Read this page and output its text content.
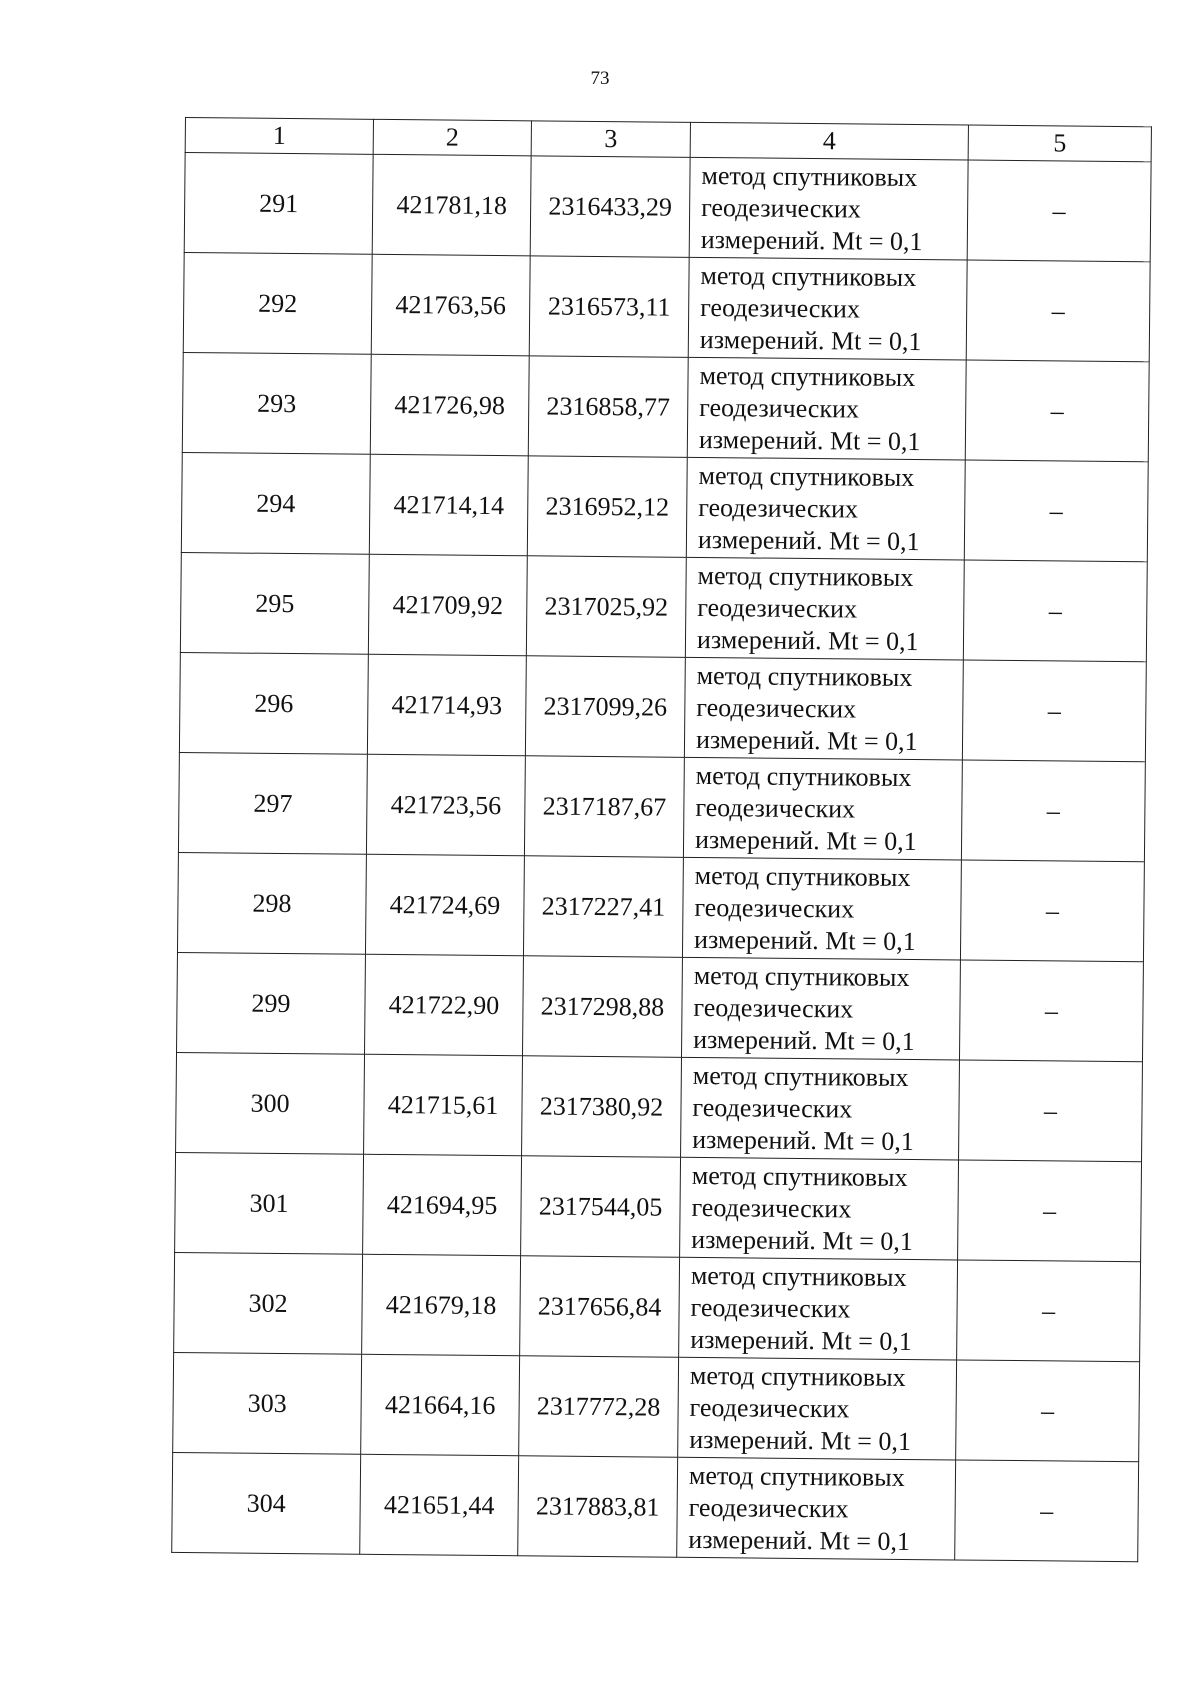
73
1	2	3	4	5
291	421781,18	2316433,29	метод спутниковых
геодезических
измерений. Mt = 0,1	–
292	421763,56	2316573,11	метод спутниковых
геодезических
измерений. Mt = 0,1	–
293	421726,98	2316858,77	метод спутниковых
геодезических
измерений. Mt = 0,1	–
294	421714,14	2316952,12	метод спутниковых
геодезических
измерений. Mt = 0,1	–
295	421709,92	2317025,92	метод спутниковых
геодезических
измерений. Mt = 0,1	–
296	421714,93	2317099,26	метод спутниковых
геодезических
измерений. Mt = 0,1	–
297	421723,56	2317187,67	метод спутниковых
геодезических
измерений. Mt = 0,1	–
298	421724,69	2317227,41	метод спутниковых
геодезических
измерений. Mt = 0,1	–
299	421722,90	2317298,88	метод спутниковых
геодезических
измерений. Mt = 0,1	–
300	421715,61	2317380,92	метод спутниковых
геодезических
измерений. Mt = 0,1	–
301	421694,95	2317544,05	метод спутниковых
геодезических
измерений. Mt = 0,1	–
302	421679,18	2317656,84	метод спутниковых
геодезических
измерений. Mt = 0,1	–
303	421664,16	2317772,28	метод спутниковых
геодезических
измерений. Mt = 0,1	–
304	421651,44	2317883,81	метод спутниковых
геодезических
измерений. Mt = 0,1	–
